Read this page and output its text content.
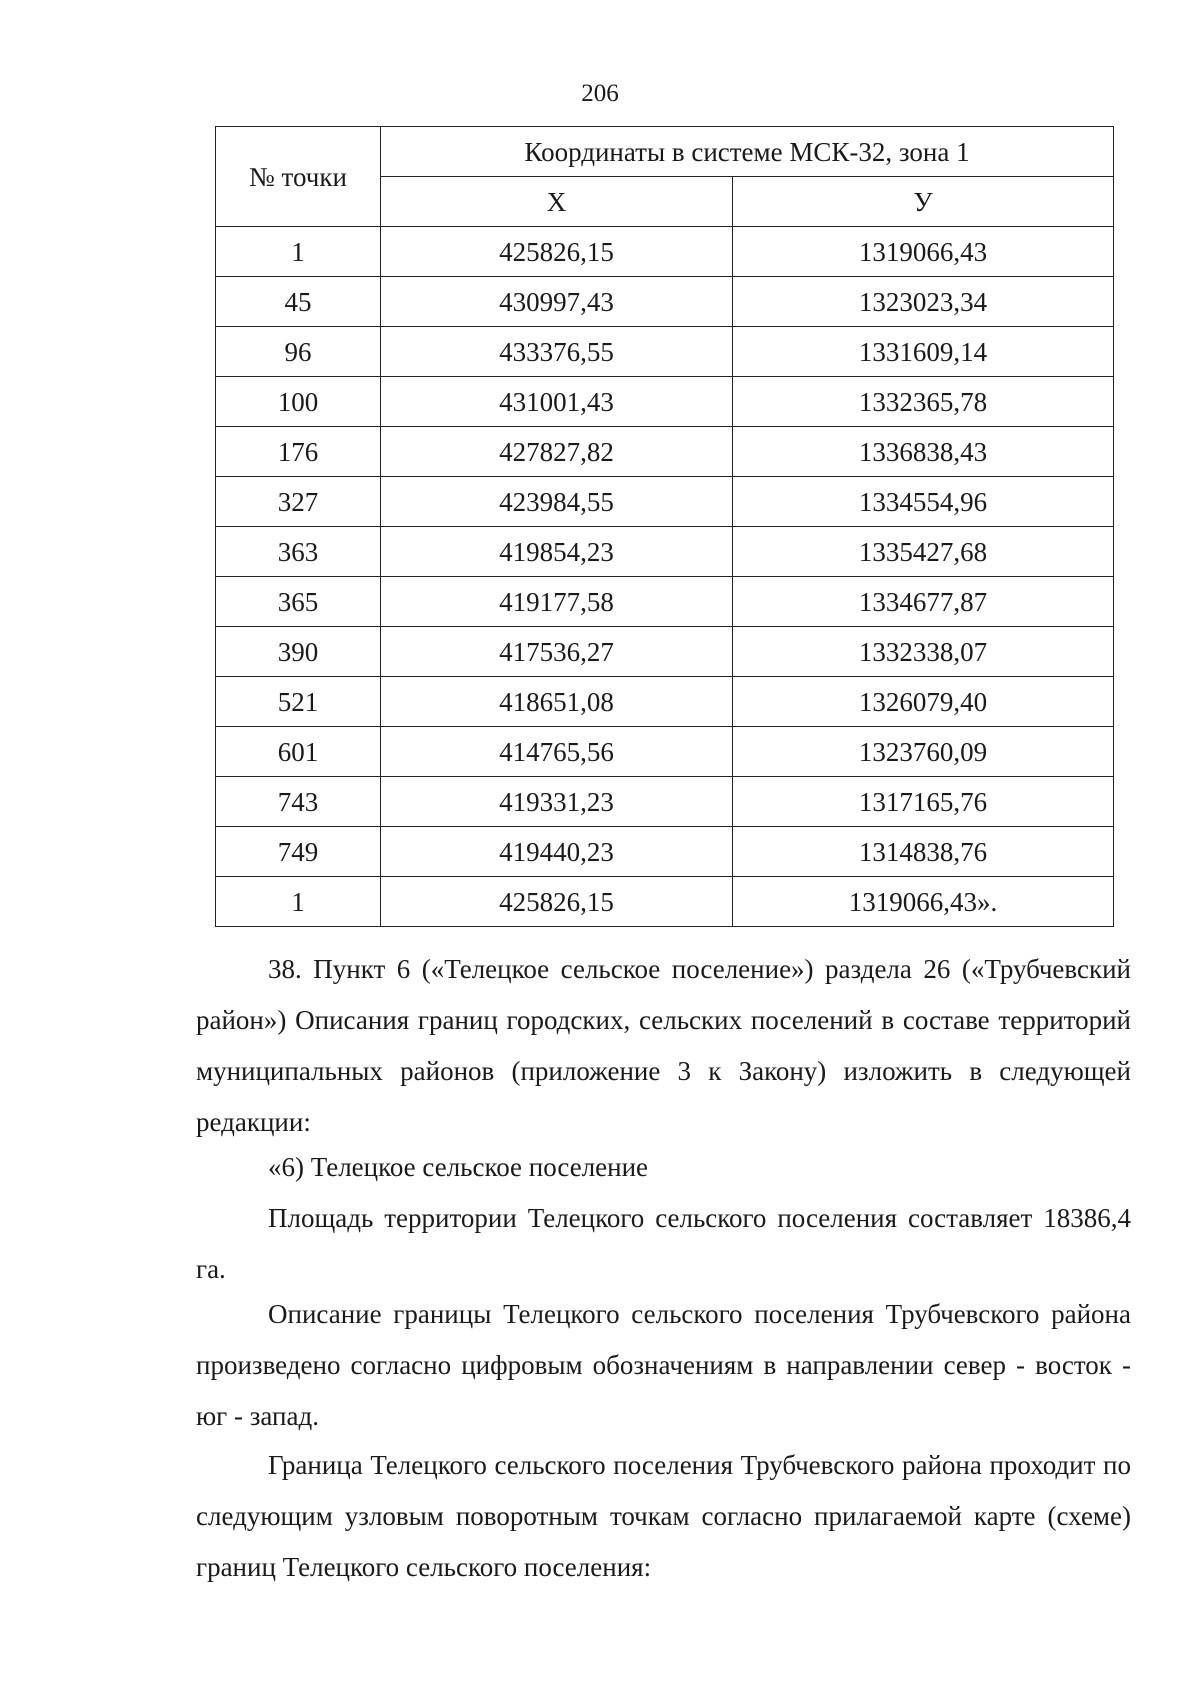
206
№ точки	Координаты в системе МСК-32, зона 1	
	Х	У
1	425826,15	1319066,43
45	430997,43	1323023,34
96	433376,55	1331609,14
100	431001,43	1332365,78
176	427827,82	1336838,43
327	423984,55	1334554,96
363	419854,23	1335427,68
365	419177,58	1334677,87
390	417536,27	1332338,07
521	418651,08	1326079,40
601	414765,56	1323760,09
743	419331,23	1317165,76
749	419440,23	1314838,76
1	425826,15	1319066,43».

38. Пункт 6 («Телецкое сельское поселение») раздела 26 («Трубчевский район») Описания границ городских, сельских поселений в составе территорий муниципальных районов (приложение 3 к Закону) изложить в следующей редакции:

«6) Телецкое сельское поселение

Площадь территории Телецкого сельского поселения составляет 18386,4 га.

Описание границы Телецкого сельского поселения Трубчевского района произведено согласно цифровым обозначениям в направлении север - восток - юг - запад.

Граница Телецкого сельского поселения Трубчевского района проходит по следующим узловым поворотным точкам согласно прилагаемой карте (схеме) границ Телецкого сельского поселения:
